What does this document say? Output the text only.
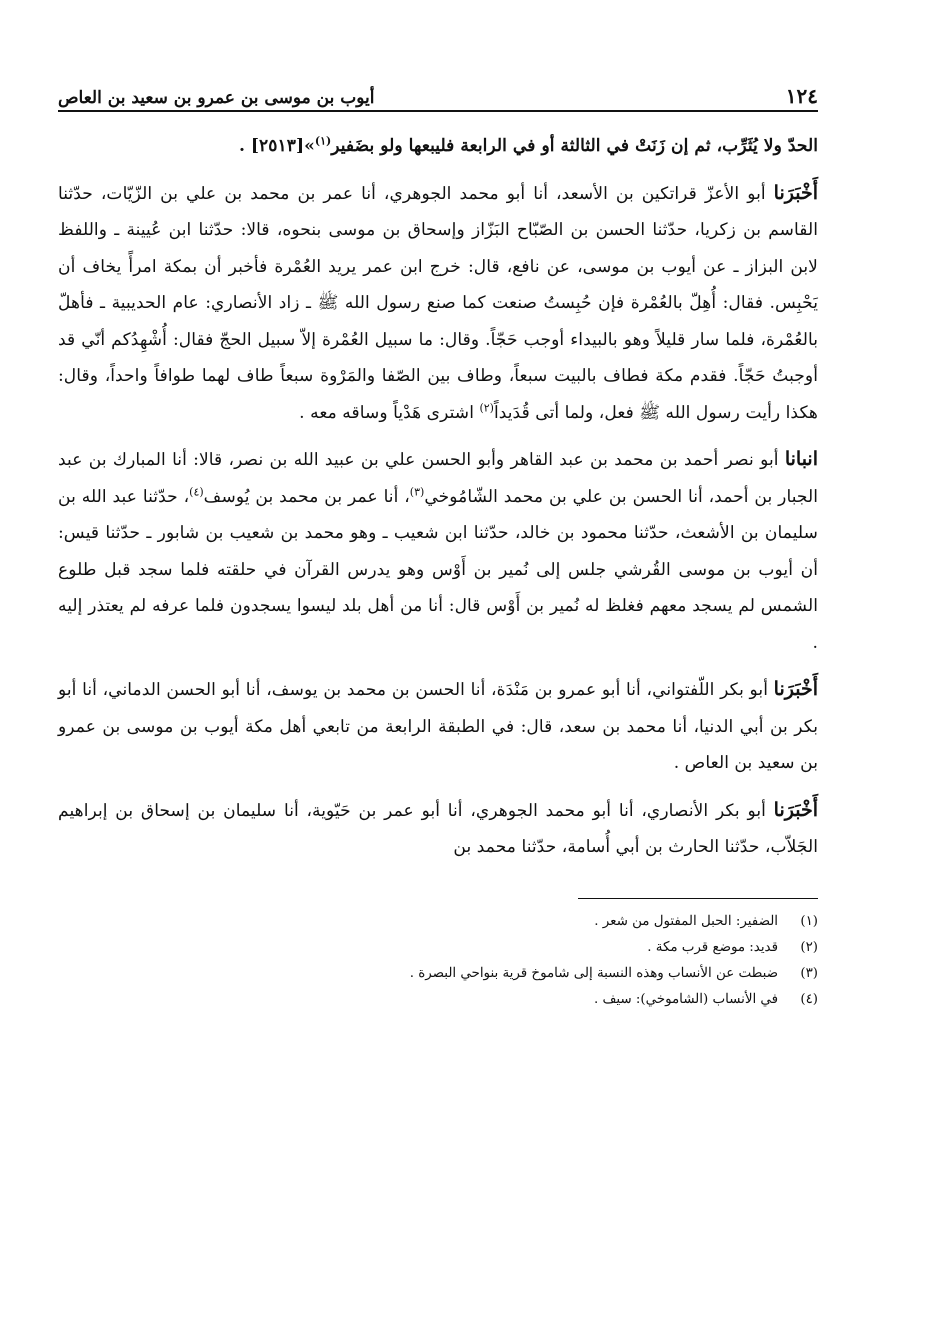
١٢٤
أيوب بن موسى بن عمرو بن سعيد بن العاص

الحدّ ولا يُثَرِّب، ثم إن زَنَتْ في الثالثة أو في الرابعة فليبعها ولو بضَفير$^{(١)}$»[٢٥١٣] .

أَخْبَرَنا أبو الأعزّ قراتكين بن الأسعد، أنا أبو محمد الجوهري، أنا عمر بن محمد بن علي بن الزّيّات، حدّثنا القاسم بن زكريا، حدّثنا الحسن بن الصّبّاح البَزّاز وإسحاق بن موسى بنحوه، قالا: حدّثنا ابن عُيينة ـ واللفظ لابن البزاز ـ عن أيوب بن موسى، عن نافع، قال: خرج ابن عمر يريد العُمْرة فأخبر أن بمكة امرأً يخاف أن يَحْبِس. فقال: أُهِلّ بالعُمْرة فإن حُبِستُ صنعت كما صنع رسول الله ﷺ ـ زاد الأنصاري: عام الحديبية ـ فأهلّ بالعُمْرة، فلما سار قليلاً وهو بالبيداء أوجب حَجّاً. وقال: ما سبيل العُمْرة إلاّ سبيل الحجّ فقال: أُشْهِدُكم أنّي قد أوجبتُ حَجّاً. فقدم مكة فطاف بالبيت سبعاً، وطاف بين الصّفا والمَرْوة سبعاً طاف لهما طوافاً واحداً، وقال: هكذا رأيت رسول الله ﷺ فعل، ولما أتى قُدَيداً$^{(٢)}$ اشترى هَدْياً وساقه معه .

انبانا أبو نصر أحمد بن محمد بن عبد القاهر وأبو الحسن علي بن عبيد الله بن نصر، قالا: أنا المبارك بن عبد الجبار بن أحمد، أنا الحسن بن علي بن محمد الشّامُوخي$^{(٣)}$، أنا عمر بن محمد بن يُوسف$^{(٤)}$، حدّثنا عبد الله بن سليمان بن الأشعث، حدّثنا محمود بن خالد، حدّثنا ابن شعيب ـ وهو محمد بن شعيب بن شابور ـ حدّثنا قيس: أن أيوب بن موسى القُرشي جلس إلى نُمير بن أَوْس وهو يدرس القرآن في حلقته فلما سجد قبل طلوع الشمس لم يسجد معهم فغلظ له نُمير بن أَوْس قال: أنا من أهل بلد ليسوا يسجدون فلما عرفه لم يعتذر إليه .

أَخْبَرَنا أبو بكر اللّفتواني، أنا أبو عمرو بن مَنْدَة، أنا الحسن بن محمد بن يوسف، أنا أبو الحسن الدماني، أنا أبو بكر بن أبي الدنيا، أنا محمد بن سعد، قال: في الطبقة الرابعة من تابعي أهل مكة أيوب بن موسى بن عمرو بن سعيد بن العاص .

أَخْبَرَنا أبو بكر الأنصاري، أنا أبو محمد الجوهري، أنا أبو عمر بن حَيّوية، أنا سليمان بن إسحاق بن إبراهيم الجَلاّب، حدّثنا الحارث بن أبي أُسامة، حدّثنا محمد بن

(١)
الضفير: الحبل المفتول من شعر .
(٢)
قديد: موضع قرب مكة .
(٣)
ضبطت عن الأنساب وهذه النسبة إلى شاموخ قرية بنواحي البصرة .
(٤)
في الأنساب (الشاموخي): سيف .
